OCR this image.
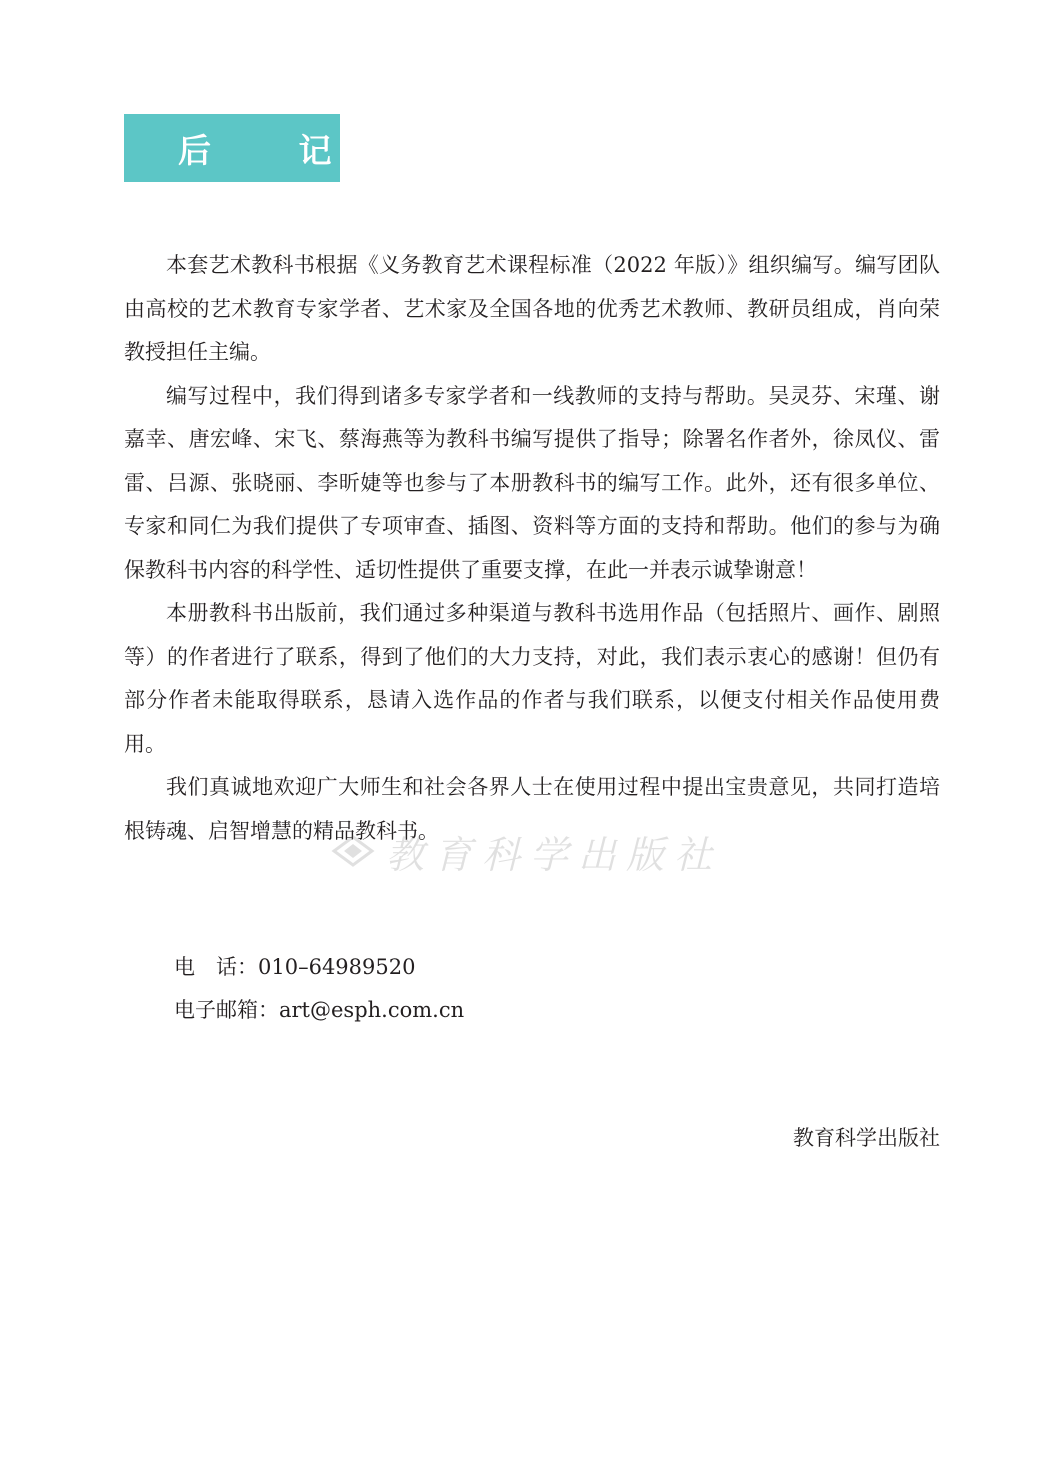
后 记

本套艺术教科书根据《义务教育艺术课程标准（2022 年版）》组织编写。编写团队由高校的艺术教育专家学者、艺术家及全国各地的优秀艺术教师、教研员组成，肖向荣教授担任主编。

编写过程中，我们得到诸多专家学者和一线教师的支持与帮助。吴灵芬、宋瑾、谢嘉幸、唐宏峰、宋飞、蔡海燕等为教科书编写提供了指导；除署名作者外，徐凤仪、雷雷、吕源、张晓丽、李昕婕等也参与了本册教科书的编写工作。此外，还有很多单位、专家和同仁为我们提供了专项审查、插图、资料等方面的支持和帮助。他们的参与为确保教科书内容的科学性、适切性提供了重要支撑，在此一并表示诚挚谢意！

本册教科书出版前，我们通过多种渠道与教科书选用作品（包括照片、画作、剧照等）的作者进行了联系，得到了他们的大力支持，对此，我们表示衷心的感谢！但仍有部分作者未能取得联系，恳请入选作品的作者与我们联系，以便支付相关作品使用费用。

我们真诚地欢迎广大师生和社会各界人士在使用过程中提出宝贵意见，共同打造培根铸魂、启智增慧的精品教科书。

教育科学出版社
电　话：010–64989520
电子邮箱：art@esph.com.cn
教育科学出版社
